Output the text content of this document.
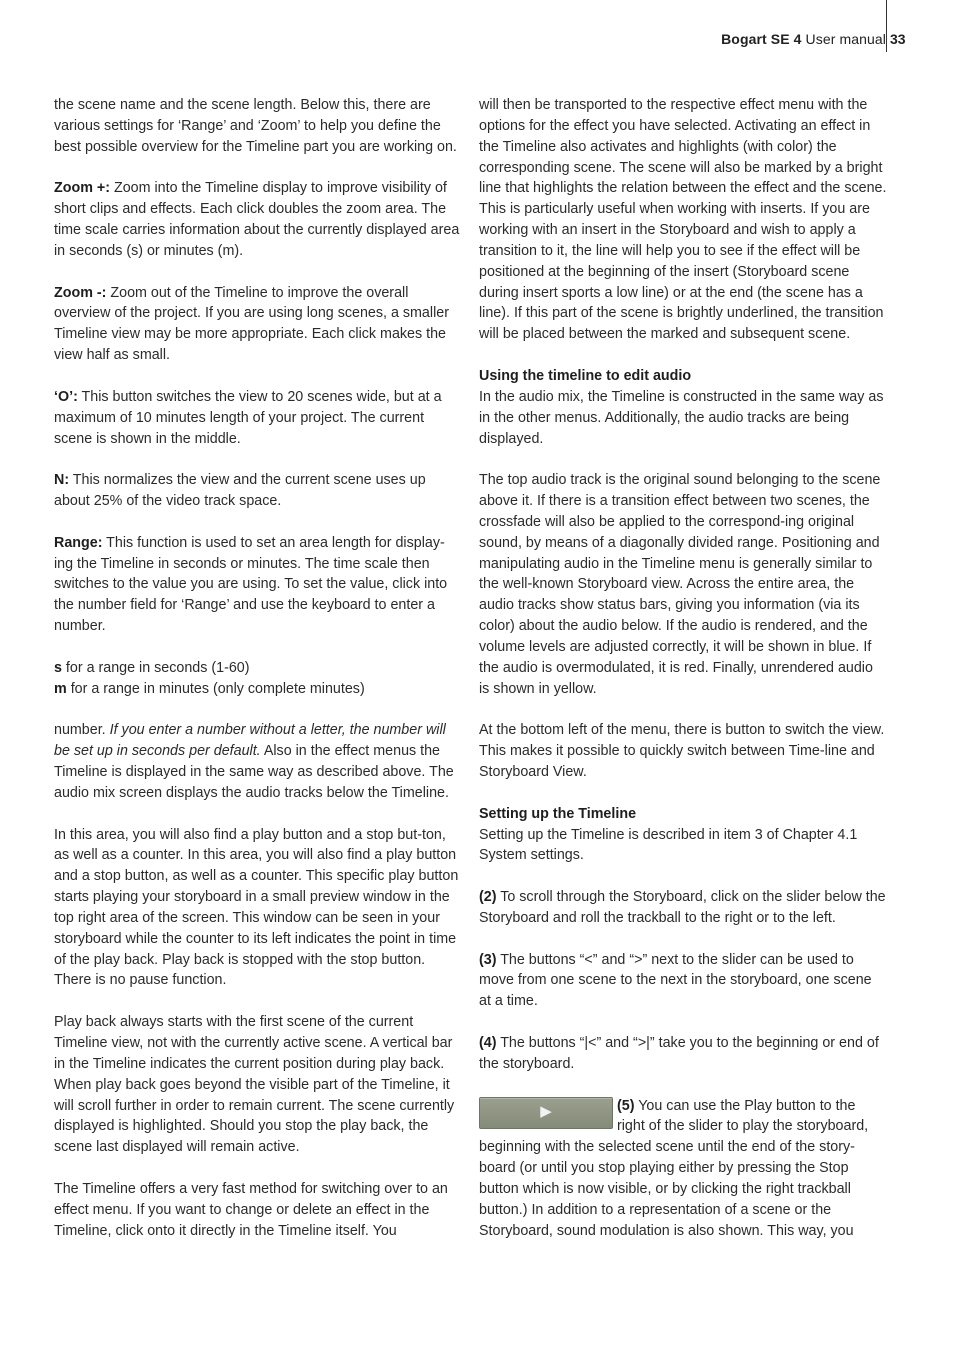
Bogart SE 4 User manual 33

the scene name and the scene length. Below this, there are various settings for ‘Range’ and ‘Zoom’ to help you define the best possible overview for the Timeline part you are working on.

Zoom +: Zoom into the Timeline display to improve visibility of short clips and effects. Each click doubles the zoom area. The time scale carries information about the currently displayed area in seconds (s) or minutes (m).

Zoom -: Zoom out of the Timeline to improve the overall overview of the project. If you are using long scenes, a smaller Timeline view may be more appropriate. Each click makes the view half as small.

‘O’: This button switches the view to 20 scenes wide, but at a maximum of 10 minutes length of your project. The current scene is shown in the middle.

N: This normalizes the view and the current scene uses up about 25% of the video track space.

Range: This function is used to set an area length for display-ing the Timeline in seconds or minutes. The time scale then switches to the value you are using. To set the value, click into the number field for ‘Range’ and use the keyboard to enter a number.

s for a range in seconds (1-60)
m for a range in minutes (only complete minutes)

number. If you enter a number without a letter, the number will be set up in seconds per default. Also in the effect menus the Timeline is displayed in the same way as described above. The audio mix screen displays the audio tracks below the Timeline.

In this area, you will also find a play button and a stop but-ton, as well as a counter. In this area, you will also find a play button and a stop button, as well as a counter. This specific play button starts playing your storyboard in a small preview window in the top right area of the screen. This window can be seen in your storyboard while the counter to its left indicates the point in time of the play back. Play back is stopped with the stop button. There is no pause function.

Play back always starts with the first scene of the current Timeline view, not with the currently active scene. A vertical bar in the Timeline indicates the current position during play back. When play back goes beyond the visible part of the Timeline, it will scroll further in order to remain current. The scene currently displayed is highlighted. Should you stop the play back, the scene last displayed will remain active.

The Timeline offers a very fast method for switching over to an effect menu. If you want to change or delete an effect in the Timeline, click onto it directly in the Timeline itself. You

will then be transported to the respective effect menu with the options for the effect you have selected. Activating an effect in the Timeline also activates and highlights (with color) the corresponding scene. The scene will also be marked by a bright line that highlights the relation between the effect and the scene. This is particularly useful when working with inserts. If you are working with an insert in the Storyboard and wish to apply a transition to it, the line will help you to see if the effect will be positioned at the beginning of the insert (Storyboard scene during insert sports a low line) or at the end (the scene has a line). If this part of the scene is brightly underlined, the transition will be placed between the marked and subsequent scene.

Using the timeline to edit audio
In the audio mix, the Timeline is constructed in the same way as in the other menus. Additionally, the audio tracks are being displayed.

The top audio track is the original sound belonging to the scene above it. If there is a transition effect between two scenes, the crossfade will also be applied to the correspond-ing original sound, by means of a diagonally divided range. Positioning and manipulating audio in the Timeline menu is generally similar to the well-known Storyboard view. Across the entire area, the audio tracks show status bars, giving you information (via its color) about the audio below. If the audio is rendered, and the volume levels are adjusted correctly, it will be shown in blue. If the audio is overmodulated, it is red. Finally, unrendered audio is shown in yellow.

At the bottom left of the menu, there is button to switch the view. This makes it possible to quickly switch between Time-line and Storyboard View.

Setting up the Timeline
Setting up the Timeline is described in item 3 of Chapter 4.1 System settings.

(2) To scroll through the Storyboard, click on the slider below the Storyboard and roll the trackball to the right or to the left.

(3) The buttons “<” and “>” next to the slider can be used to move from one scene to the next in the storyboard, one scene at a time.

(4) The buttons “|<” and “>|” take you to the beginning or end of the storyboard.

▶	(5) You can use the Play button to the right of the slider to play the storyboard, beginning with the selected scene until the end of the story-board (or until you stop playing either by pressing the Stop button which is now visible, or by clicking the right trackball button.) In addition to a representation of a scene or the Storyboard, sound modulation is also shown. This way, you
